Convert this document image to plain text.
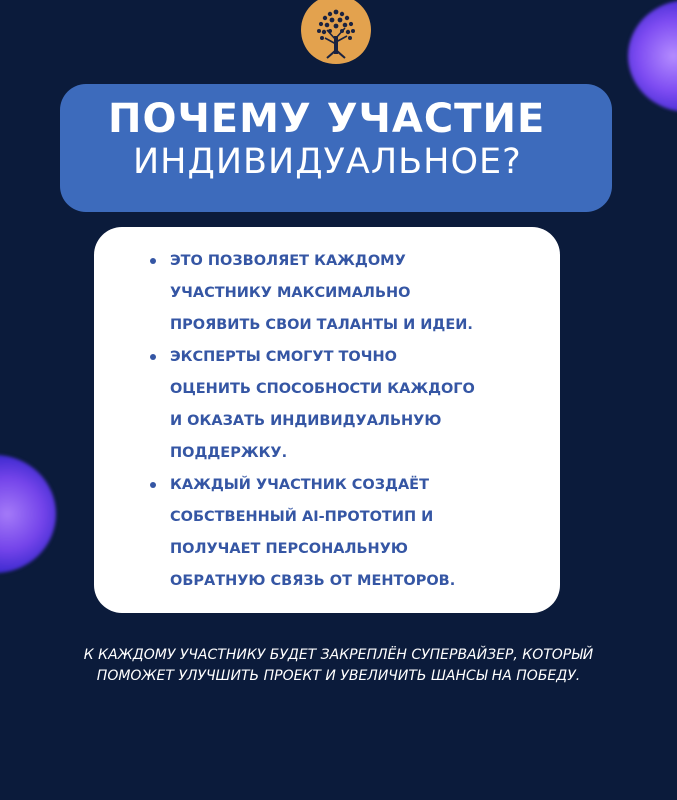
ПОЧЕМУ УЧАСТИЕ
ИНДИВИДУАЛЬНОЕ?
ЭТО ПОЗВОЛЯЕТ КАЖДОМУ
УЧАСТНИКУ МАКСИМАЛЬНО
ПРОЯВИТЬ СВОИ ТАЛАНТЫ И ИДЕИ.
ЭКСПЕРТЫ СМОГУТ ТОЧНО
ОЦЕНИТЬ СПОСОБНОСТИ КАЖДОГО
И ОКАЗАТЬ ИНДИВИДУАЛЬНУЮ
ПОДДЕРЖКУ.
КАЖДЫЙ УЧАСТНИК СОЗДАЁТ
СОБСТВЕННЫЙ AI-ПРОТОТИП И
ПОЛУЧАЕТ ПЕРСОНАЛЬНУЮ
ОБРАТНУЮ СВЯЗЬ ОТ МЕНТОРОВ.
К КАЖДОМУ УЧАСТНИКУ БУДЕТ ЗАКРЕПЛЁН СУПЕРВАЙЗЕР, КОТОРЫЙ
ПОМОЖЕТ УЛУЧШИТЬ ПРОЕКТ И УВЕЛИЧИТЬ ШАНСЫ НА ПОБЕДУ.
